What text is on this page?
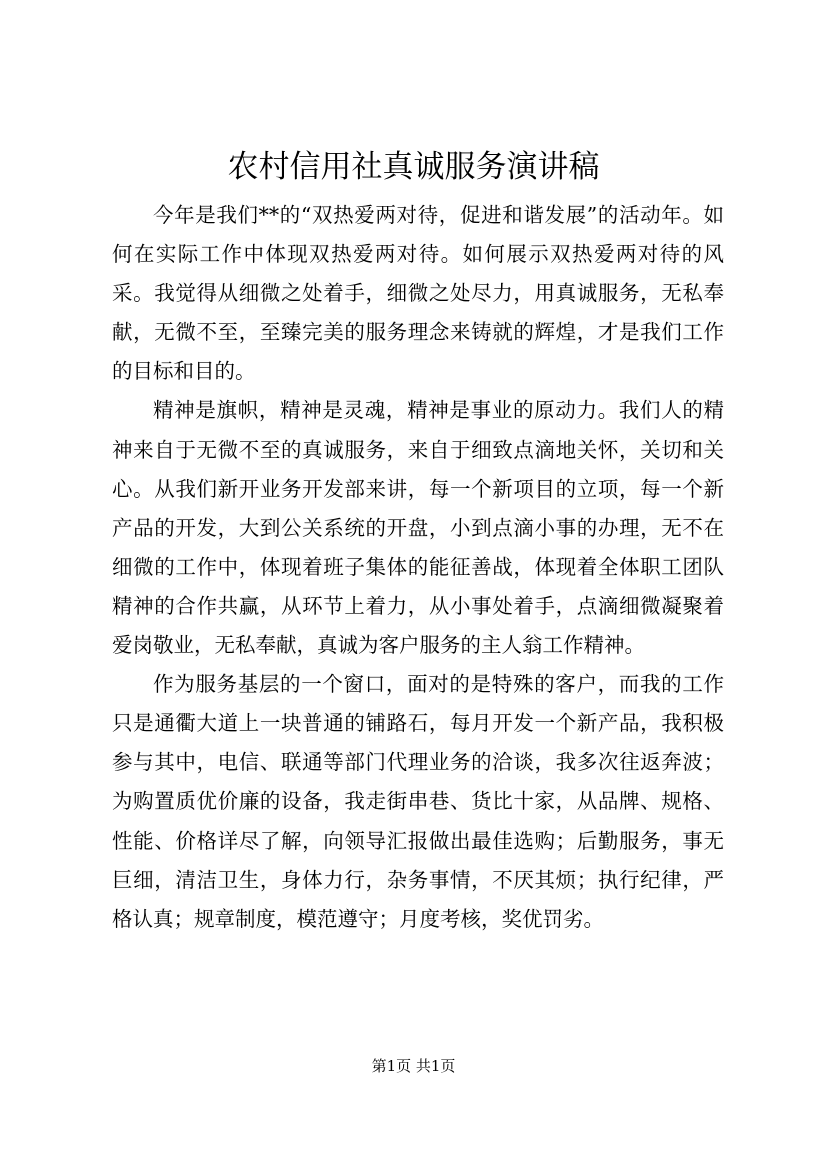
农村信用社真诚服务演讲稿

今年是我们**的“双热爱两对待，促进和谐发展”的活动年。如何在实际工作中体现双热爱两对待。如何展示双热爱两对待的风采。我觉得从细微之处着手，细微之处尽力，用真诚服务，无私奉献，无微不至，至臻完美的服务理念来铸就的辉煌，才是我们工作的目标和目的。

精神是旗帜，精神是灵魂，精神是事业的原动力。我们人的精神来自于无微不至的真诚服务，来自于细致点滴地关怀，关切和关心。从我们新开业务开发部来讲，每一个新项目的立项，每一个新产品的开发，大到公关系统的开盘，小到点滴小事的办理，无不在细微的工作中，体现着班子集体的能征善战，体现着全体职工团队精神的合作共赢，从环节上着力，从小事处着手，点滴细微凝聚着爱岗敬业，无私奉献，真诚为客户服务的主人翁工作精神。

作为服务基层的一个窗口，面对的是特殊的客户，而我的工作只是通衢大道上一块普通的铺路石，每月开发一个新产品，我积极参与其中，电信、联通等部门代理业务的洽谈，我多次往返奔波；为购置质优价廉的设备，我走街串巷、货比十家，从品牌、规格、性能、价格详尽了解，向领导汇报做出最佳选购；后勤服务，事无巨细，清洁卫生，身体力行，杂务事情，不厌其烦；执行纪律，严格认真；规章制度，模范遵守；月度考核，奖优罚劣。

第1页 共1页
